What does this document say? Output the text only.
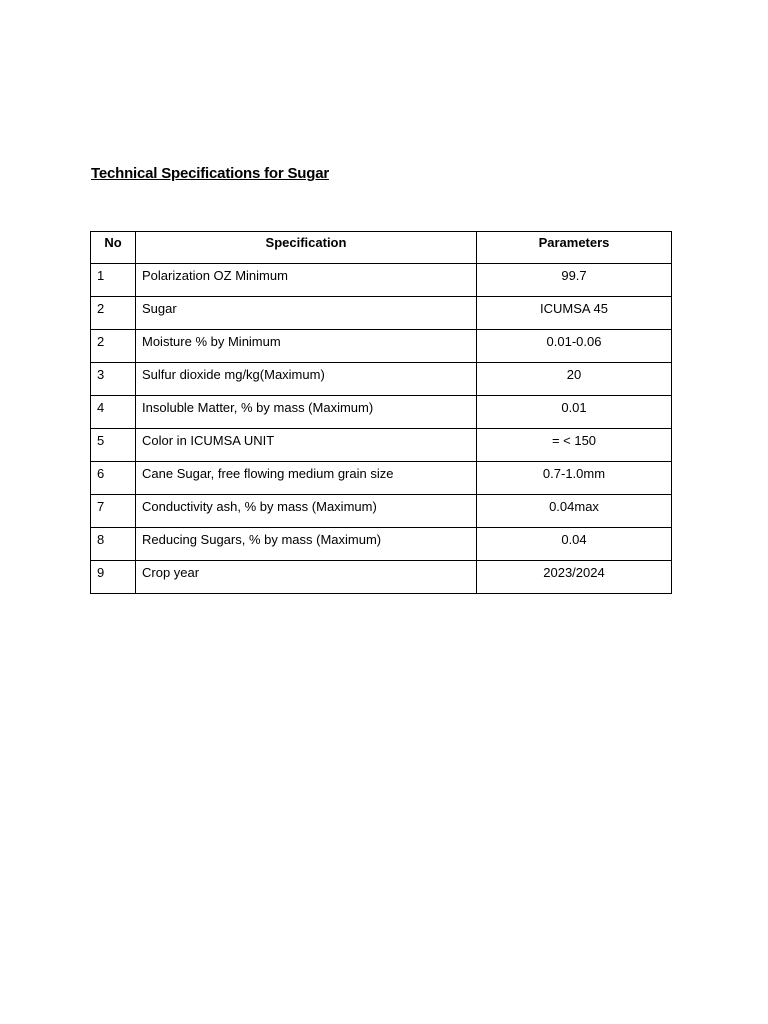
Technical Specifications for Sugar
No	Specification	Parameters
1	Polarization OZ Minimum	99.7
2	Sugar	ICUMSA 45
2	Moisture % by Minimum	0.01-0.06
3	Sulfur dioxide mg/kg(Maximum)	20
4	Insoluble Matter, % by mass (Maximum)	0.01
5	Color in ICUMSA UNIT	= < 150
6	Cane Sugar, free flowing medium grain size	0.7-1.0mm
7	Conductivity ash, % by mass (Maximum)	0.04max
8	Reducing Sugars, % by mass (Maximum)	0.04
9	Crop year	2023/2024
